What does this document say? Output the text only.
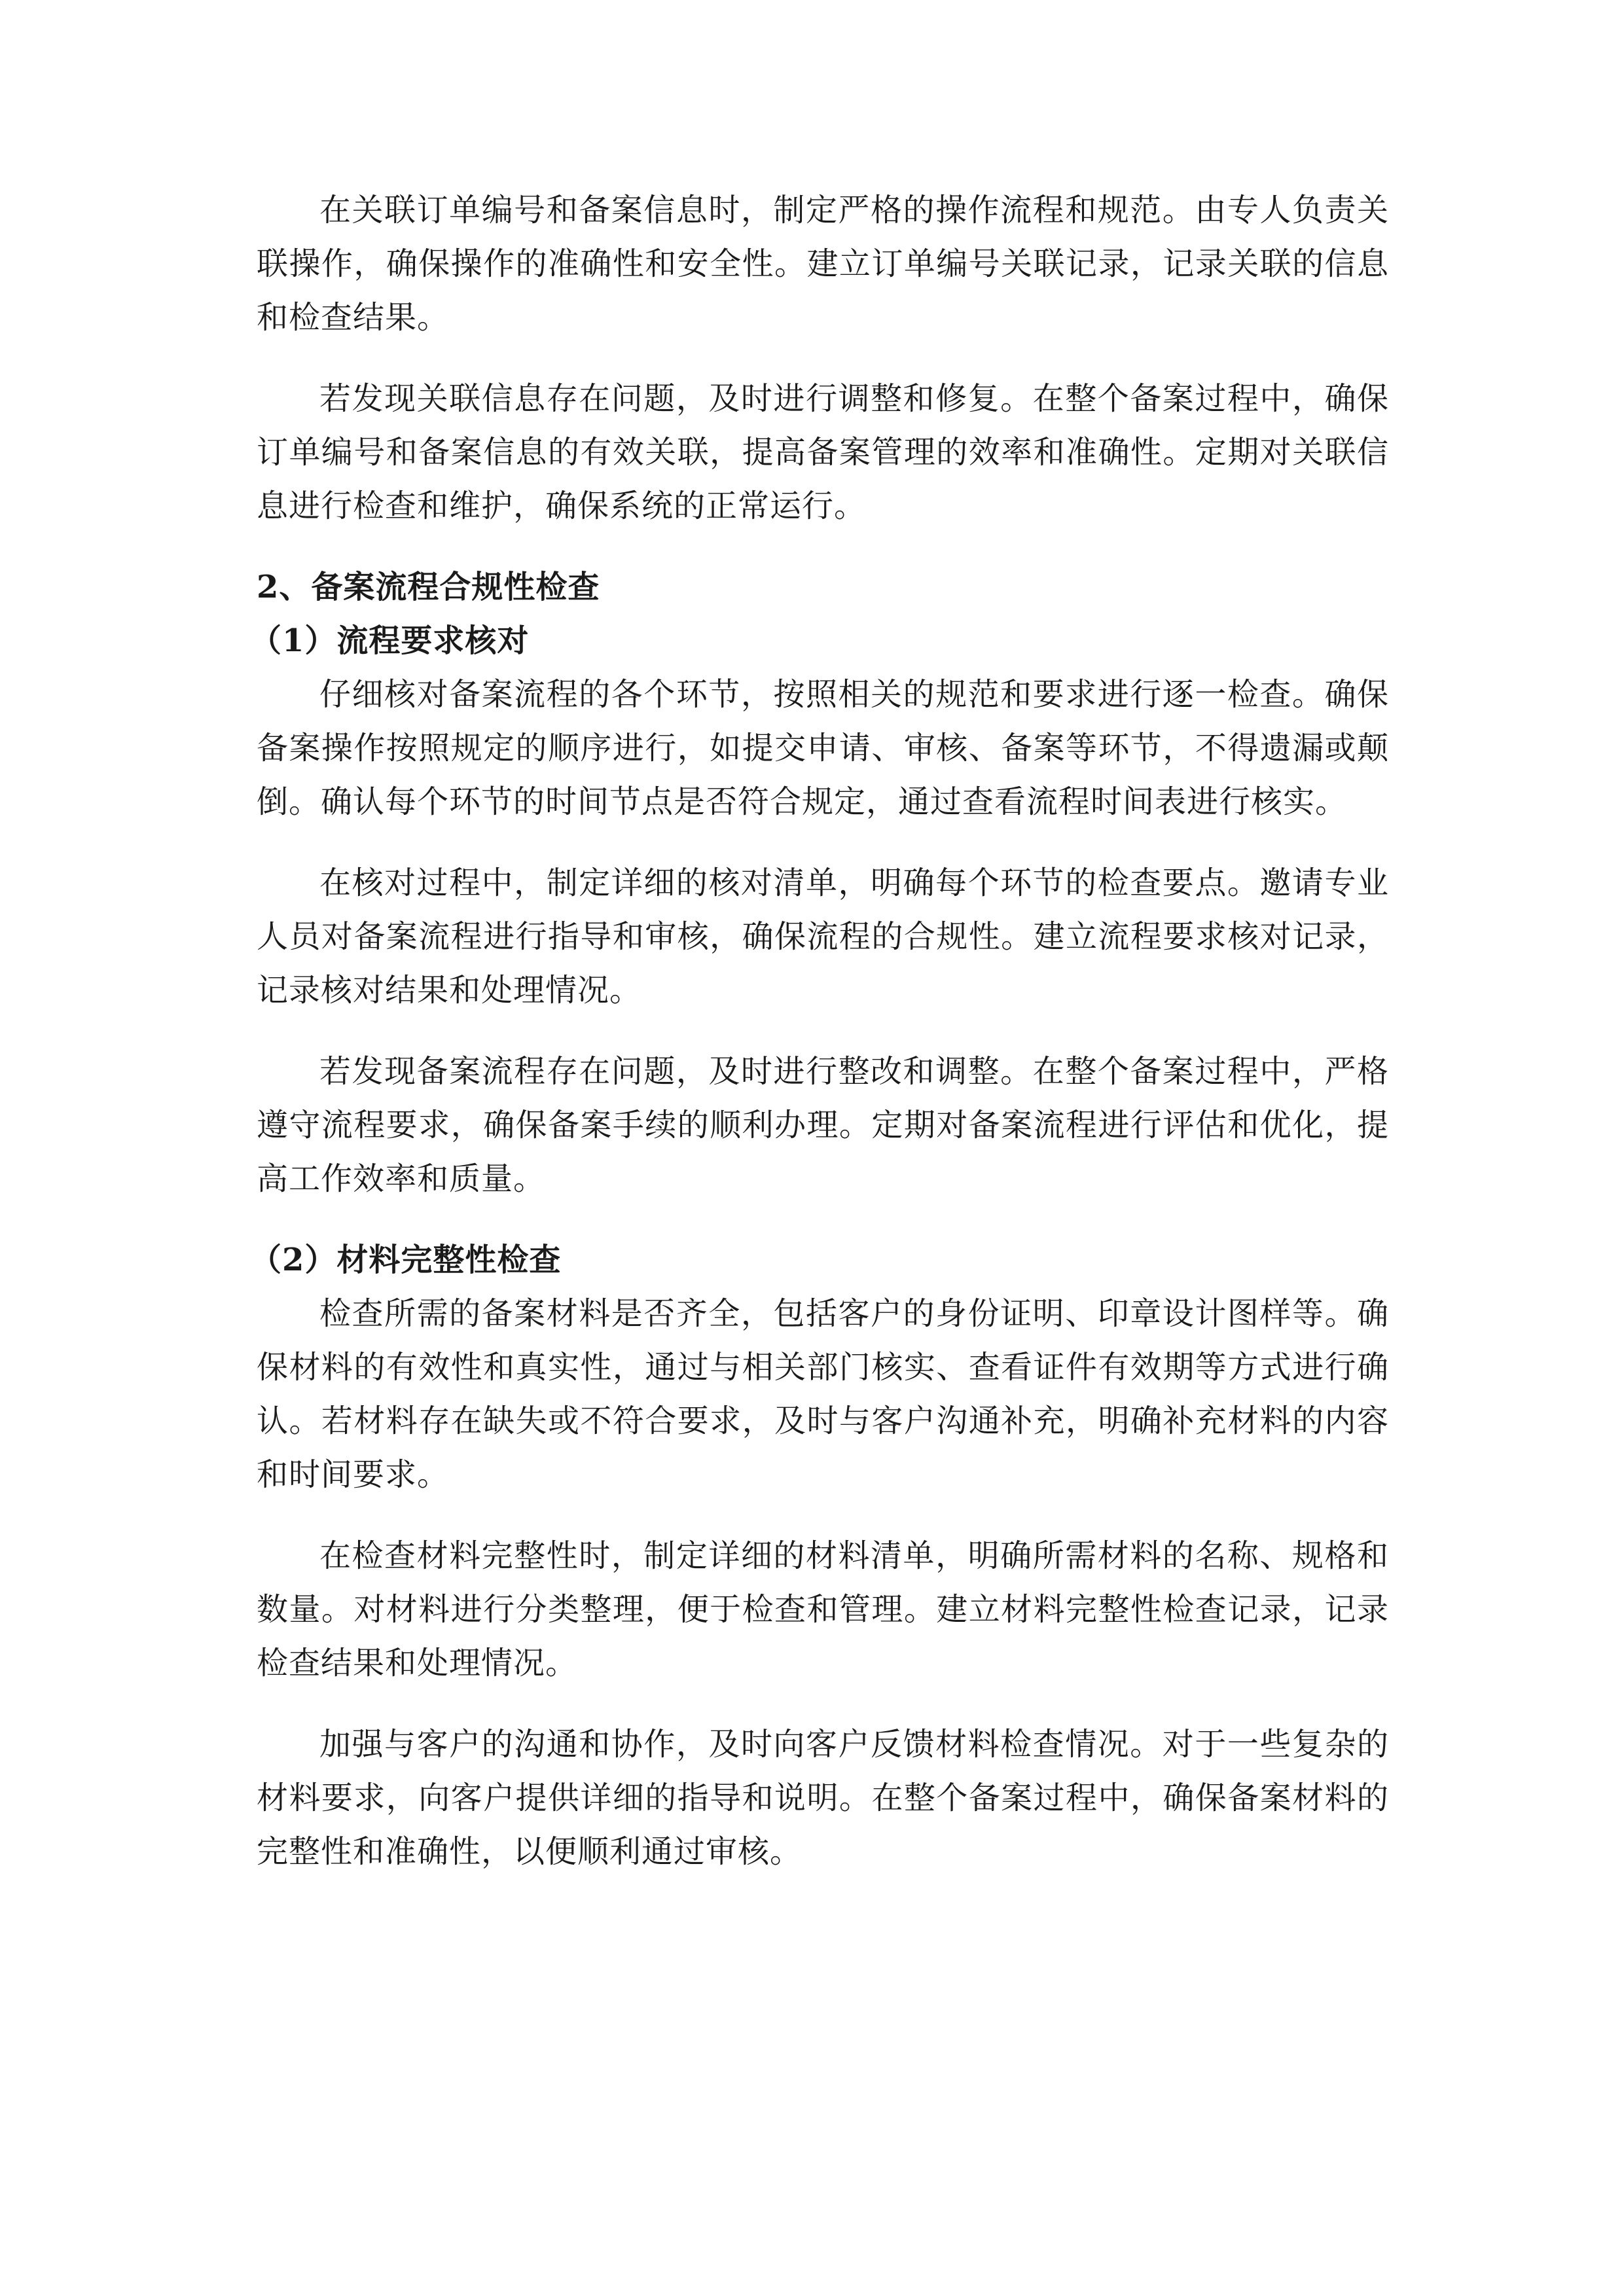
在关联订单编号和备案信息时，制定严格的操作流程和规范。由专人负责关联操作，确保操作的准确性和安全性。建立订单编号关联记录，记录关联的信息和检查结果。

若发现关联信息存在问题，及时进行调整和修复。在整个备案过程中，确保订单编号和备案信息的有效关联，提高备案管理的效率和准确性。定期对关联信息进行检查和维护，确保系统的正常运行。

2、备案流程合规性检查
（1）流程要求核对

仔细核对备案流程的各个环节，按照相关的规范和要求进行逐一检查。确保备案操作按照规定的顺序进行，如提交申请、审核、备案等环节，不得遗漏或颠倒。确认每个环节的时间节点是否符合规定，通过查看流程时间表进行核实。

在核对过程中，制定详细的核对清单，明确每个环节的检查要点。邀请专业人员对备案流程进行指导和审核，确保流程的合规性。建立流程要求核对记录，记录核对结果和处理情况。

若发现备案流程存在问题，及时进行整改和调整。在整个备案过程中，严格遵守流程要求，确保备案手续的顺利办理。定期对备案流程进行评估和优化，提高工作效率和质量。

（2）材料完整性检查

检查所需的备案材料是否齐全，包括客户的身份证明、印章设计图样等。确保材料的有效性和真实性，通过与相关部门核实、查看证件有效期等方式进行确认。若材料存在缺失或不符合要求，及时与客户沟通补充，明确补充材料的内容和时间要求。

在检查材料完整性时，制定详细的材料清单，明确所需材料的名称、规格和数量。对材料进行分类整理，便于检查和管理。建立材料完整性检查记录，记录检查结果和处理情况。

加强与客户的沟通和协作，及时向客户反馈材料检查情况。对于一些复杂的材料要求，向客户提供详细的指导和说明。在整个备案过程中，确保备案材料的完整性和准确性，以便顺利通过审核。
